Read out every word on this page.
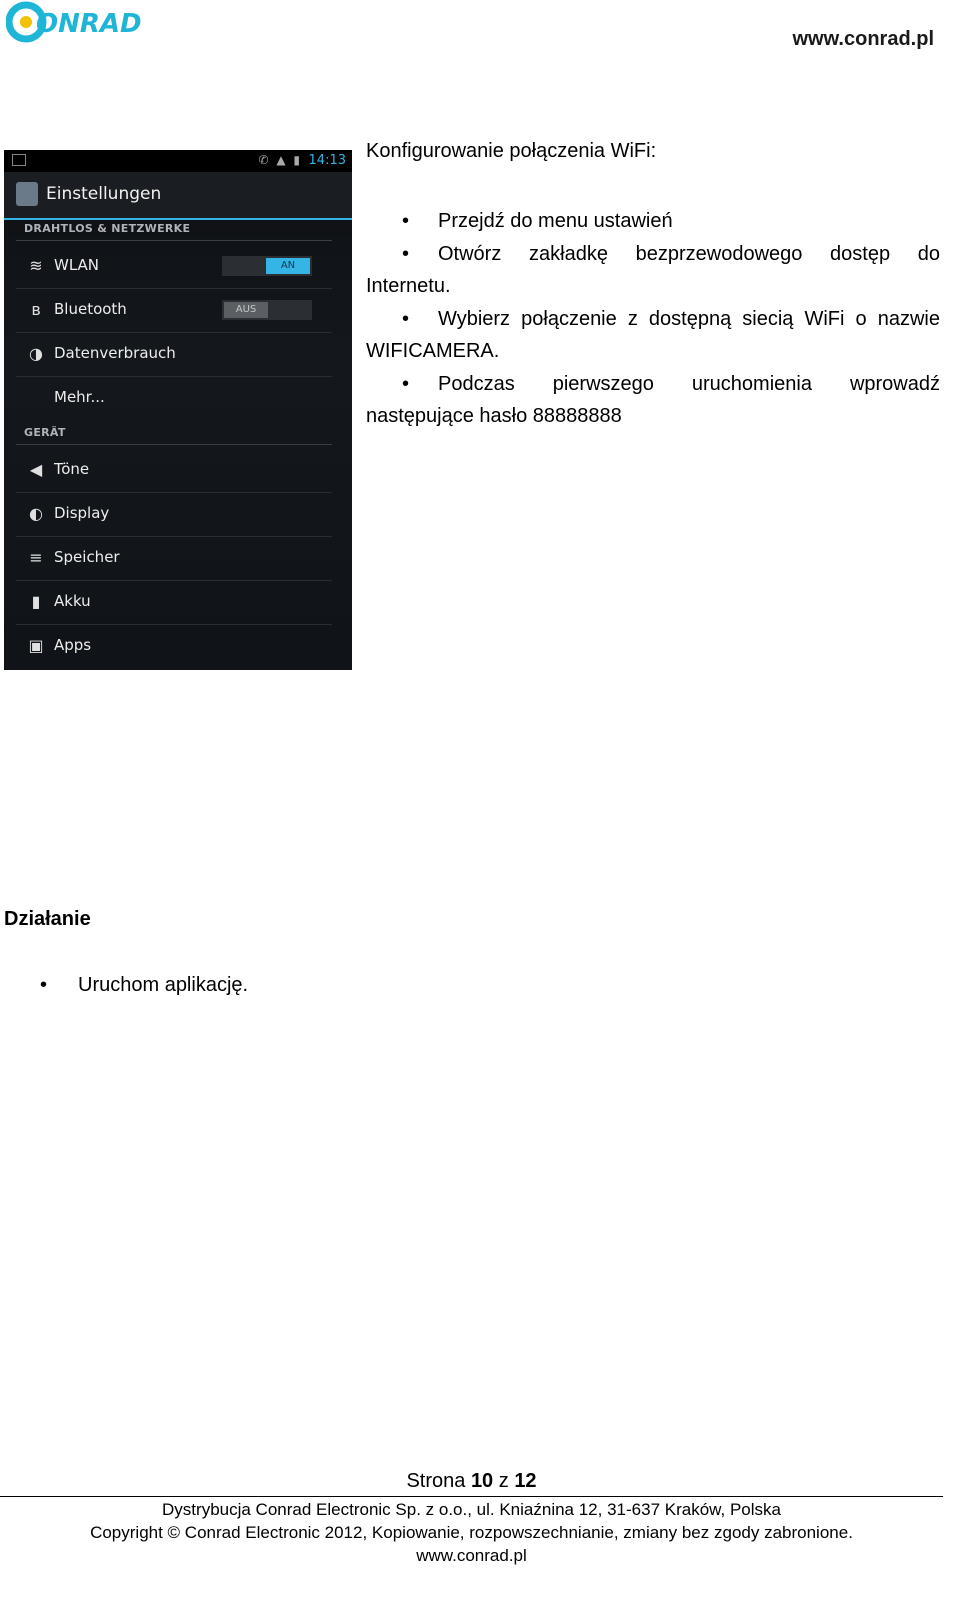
ONRAD	www.conrad.pl
✆ ▲ ▮ 14:13
Einstellungen
DRAHTLOS & NETZWERKE
≋ WLAN	AN
ʙ Bluetooth	AUS
◑ Datenverbrauch
Mehr...
GERÄT
◀ Töne
◐ Display
≡ Speicher
▮ Akku
▣ Apps
Konfigurowanie połączenia WiFi:

• Przejdź do menu ustawień

• Otwórz zakładkę bezprzewodowego dostęp do Internetu.

• Wybierz połączenie z dostępną siecią WiFi o nazwie WIFICAMERA.

• Podczas pierwszego uruchomienia wprowadź następujące hasło 88888888

Działanie
• Uruchom aplikację.
Strona 10 z 12
Dystrybucja Conrad Electronic Sp. z o.o., ul. Kniaźnina 12, 31-637 Kraków, Polska
Copyright © Conrad Electronic 2012, Kopiowanie, rozpowszechnianie, zmiany bez zgody zabronione.
www.conrad.pl
